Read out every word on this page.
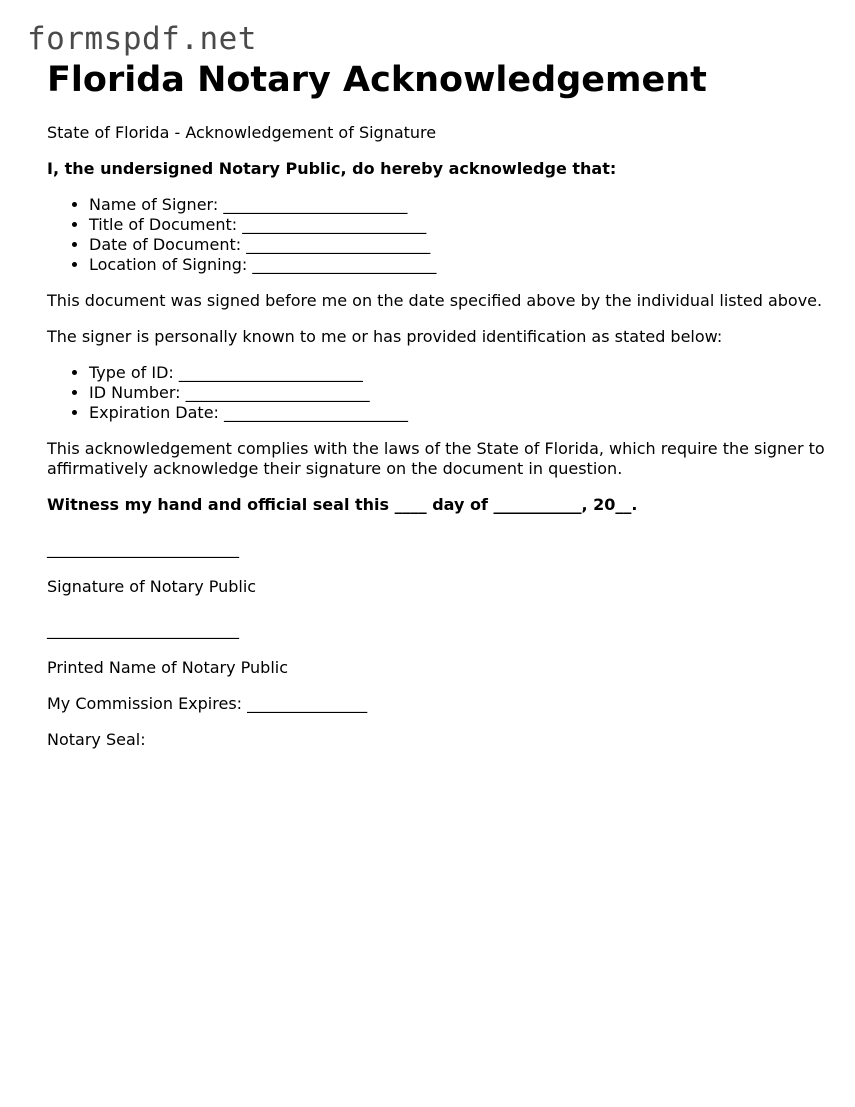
formspdf.net
Florida Notary Acknowledgement

State of Florida - Acknowledgement of Signature

I, the undersigned Notary Public, do hereby acknowledge that:

• Name of Signer: _______________________
• Title of Document: _______________________
• Date of Document: _______________________
• Location of Signing: _______________________

This document was signed before me on the date specified above by the individual listed above.

The signer is personally known to me or has provided identification as stated below:

• Type of ID: _______________________
• ID Number: _______________________
• Expiration Date: _______________________

This acknowledgement complies with the laws of the State of Florida, which require the signer to affirmatively acknowledge their signature on the document in question.

Witness my hand and official seal this ____ day of ___________, 20__.

________________________

Signature of Notary Public

________________________

Printed Name of Notary Public

My Commission Expires: _______________

Notary Seal:
